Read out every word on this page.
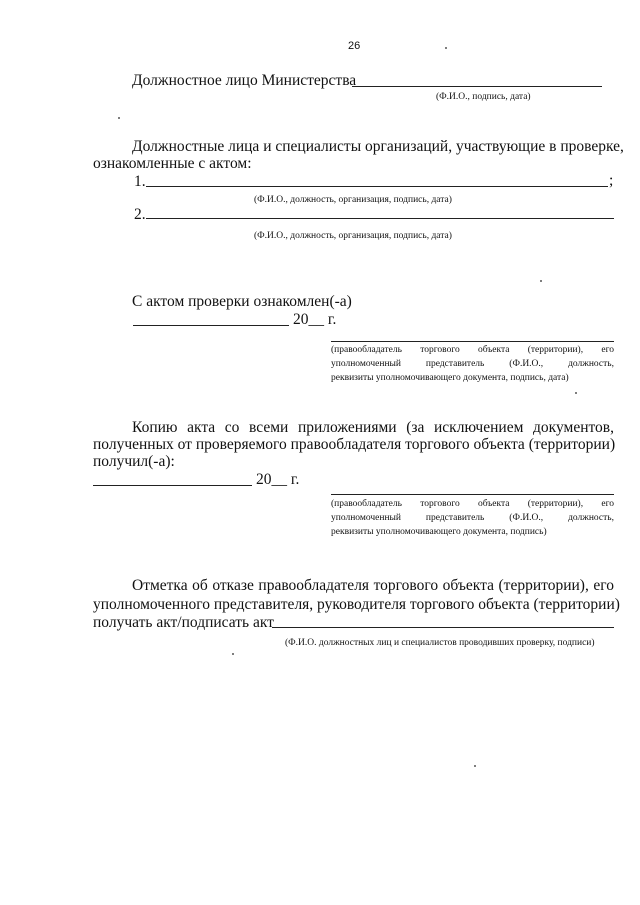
26
Должностное лицо Министерства
(Ф.И.О., подпись, дата)
Должностные лица и специалисты организаций, участвующие в проверке,
ознакомленные с актом:
1.	;
(Ф.И.О., должность, организация, подпись, дата)
2.
(Ф.И.О., должность, организация, подпись, дата)
С актом проверки ознакомлен(-а)
20__ г.
(правообладатель торгового объекта (территории), его
уполномоченный представитель (Ф.И.О., должность,
реквизиты уполномочивающего документа, подпись, дата)
Копию акта со всеми приложениями (за исключением документов,
полученных от проверяемого правообладателя торгового объекта (территории)
получил(-а):
20__ г.
(правообладатель торгового объекта (территории), его
уполномоченный представитель (Ф.И.О., должность,
реквизиты уполномочивающего документа, подпись)
Отметка об отказе правообладателя торгового объекта (территории), его
уполномоченного представителя, руководителя торгового объекта (территории)
получать акт/подписать акт
(Ф.И.О. должностных лиц и специалистов проводивших проверку, подписи)
